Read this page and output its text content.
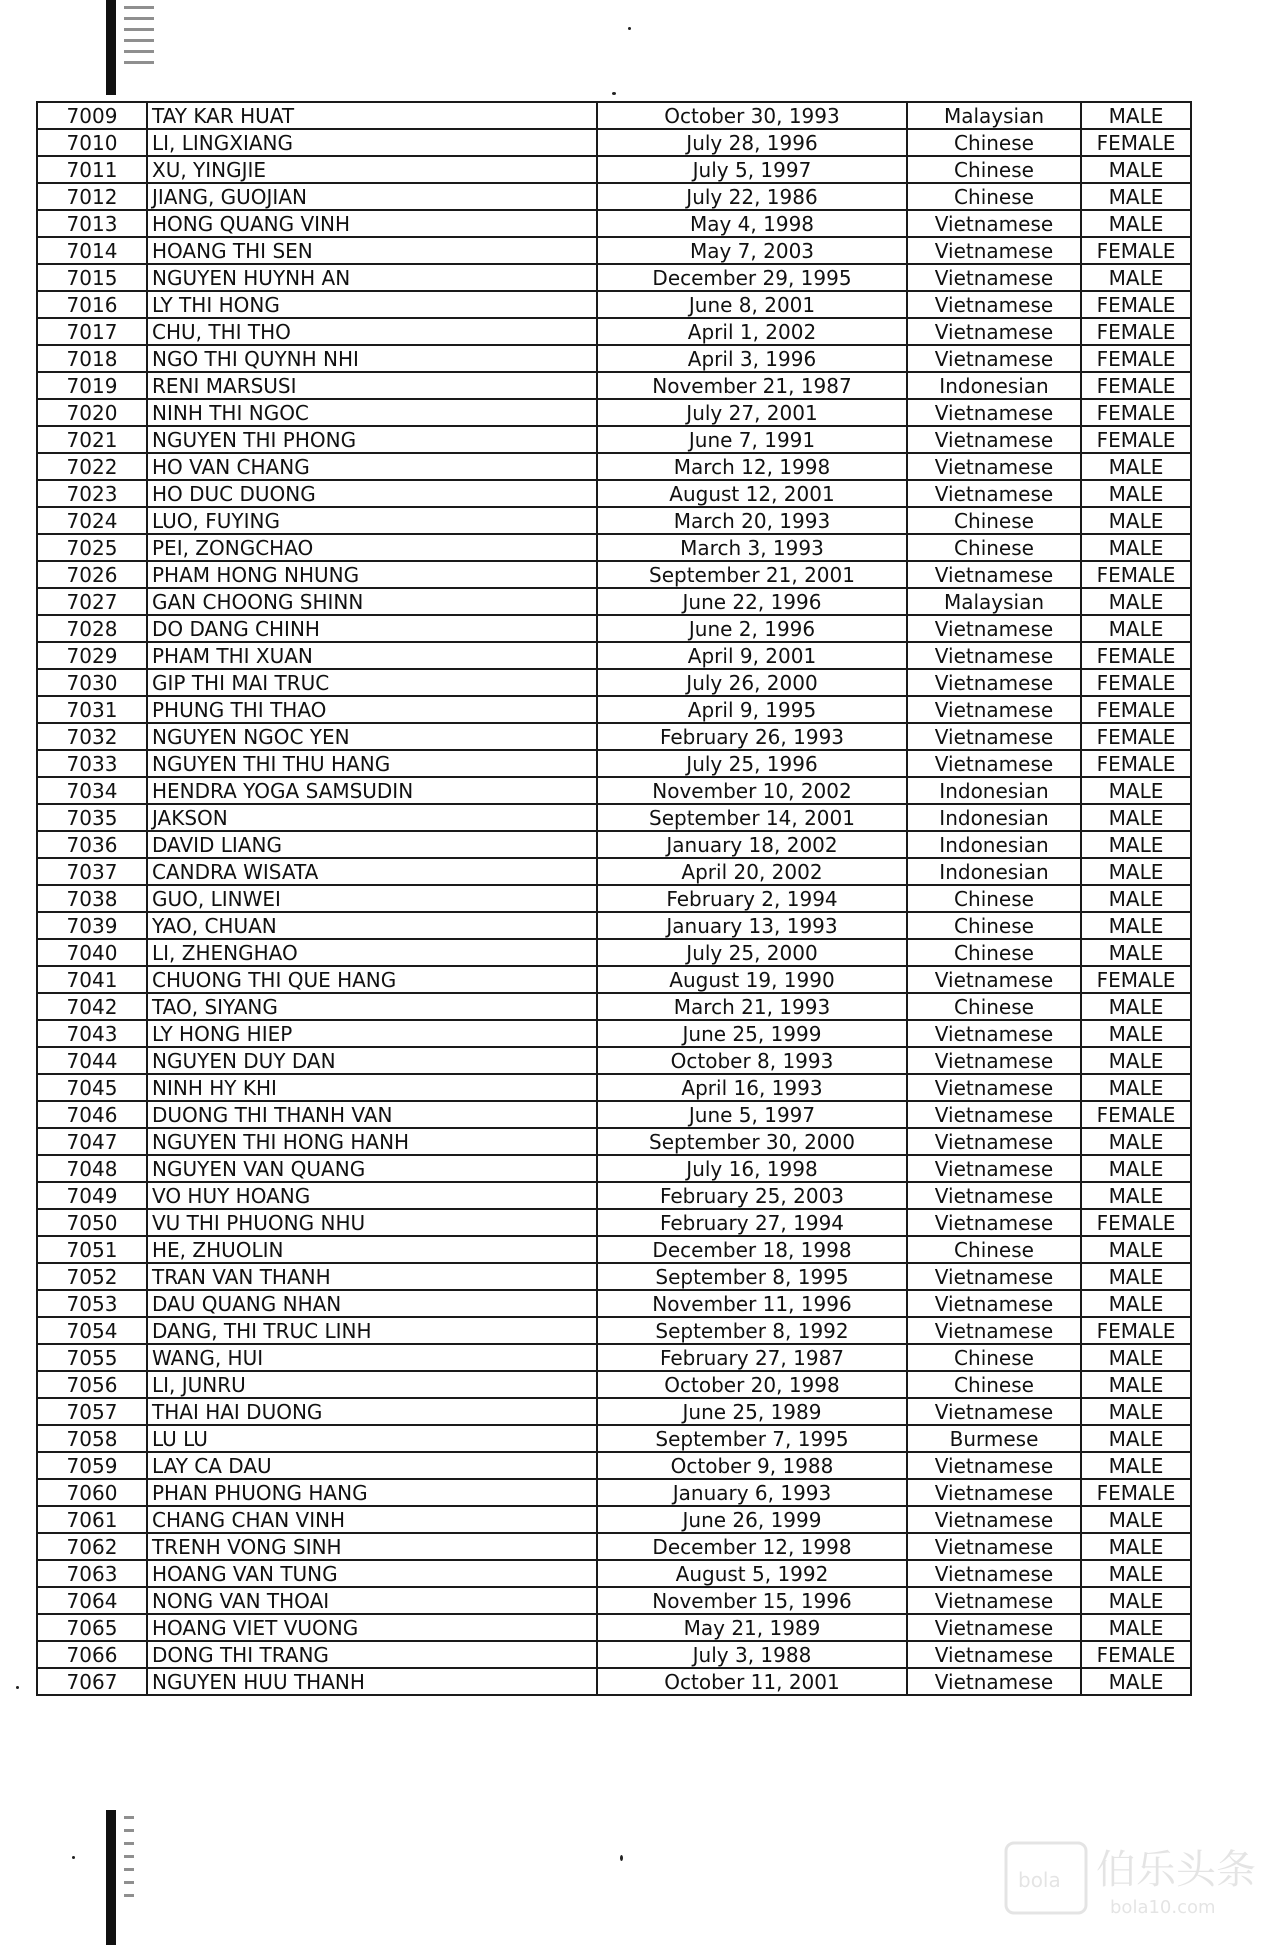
7009	TAY KAR HUAT	October 30, 1993	Malaysian	MALE
7010	LI, LINGXIANG	July 28, 1996	Chinese	FEMALE
7011	XU, YINGJIE	July 5, 1997	Chinese	MALE
7012	JIANG, GUOJIAN	July 22, 1986	Chinese	MALE
7013	HONG QUANG VINH	May 4, 1998	Vietnamese	MALE
7014	HOANG THI SEN	May 7, 2003	Vietnamese	FEMALE
7015	NGUYEN HUYNH AN	December 29, 1995	Vietnamese	MALE
7016	LY THI HONG	June 8, 2001	Vietnamese	FEMALE
7017	CHU, THI THO	April 1, 2002	Vietnamese	FEMALE
7018	NGO THI QUYNH NHI	April 3, 1996	Vietnamese	FEMALE
7019	RENI MARSUSI	November 21, 1987	Indonesian	FEMALE
7020	NINH THI NGOC	July 27, 2001	Vietnamese	FEMALE
7021	NGUYEN THI PHONG	June 7, 1991	Vietnamese	FEMALE
7022	HO VAN CHANG	March 12, 1998	Vietnamese	MALE
7023	HO DUC DUONG	August 12, 2001	Vietnamese	MALE
7024	LUO, FUYING	March 20, 1993	Chinese	MALE
7025	PEI, ZONGCHAO	March 3, 1993	Chinese	MALE
7026	PHAM HONG NHUNG	September 21, 2001	Vietnamese	FEMALE
7027	GAN CHOONG SHINN	June 22, 1996	Malaysian	MALE
7028	DO DANG CHINH	June 2, 1996	Vietnamese	MALE
7029	PHAM THI XUAN	April 9, 2001	Vietnamese	FEMALE
7030	GIP THI MAI TRUC	July 26, 2000	Vietnamese	FEMALE
7031	PHUNG THI THAO	April 9, 1995	Vietnamese	FEMALE
7032	NGUYEN NGOC YEN	February 26, 1993	Vietnamese	FEMALE
7033	NGUYEN THI THU HANG	July 25, 1996	Vietnamese	FEMALE
7034	HENDRA YOGA SAMSUDIN	November 10, 2002	Indonesian	MALE
7035	JAKSON	September 14, 2001	Indonesian	MALE
7036	DAVID LIANG	January 18, 2002	Indonesian	MALE
7037	CANDRA WISATA	April 20, 2002	Indonesian	MALE
7038	GUO, LINWEI	February 2, 1994	Chinese	MALE
7039	YAO, CHUAN	January 13, 1993	Chinese	MALE
7040	LI, ZHENGHAO	July 25, 2000	Chinese	MALE
7041	CHUONG THI QUE HANG	August 19, 1990	Vietnamese	FEMALE
7042	TAO, SIYANG	March 21, 1993	Chinese	MALE
7043	LY HONG HIEP	June 25, 1999	Vietnamese	MALE
7044	NGUYEN DUY DAN	October 8, 1993	Vietnamese	MALE
7045	NINH HY KHI	April 16, 1993	Vietnamese	MALE
7046	DUONG THI THANH VAN	June 5, 1997	Vietnamese	FEMALE
7047	NGUYEN THI HONG HANH	September 30, 2000	Vietnamese	MALE
7048	NGUYEN VAN QUANG	July 16, 1998	Vietnamese	MALE
7049	VO HUY HOANG	February 25, 2003	Vietnamese	MALE
7050	VU THI PHUONG NHU	February 27, 1994	Vietnamese	FEMALE
7051	HE, ZHUOLIN	December 18, 1998	Chinese	MALE
7052	TRAN VAN THANH	September 8, 1995	Vietnamese	MALE
7053	DAU QUANG NHAN	November 11, 1996	Vietnamese	MALE
7054	DANG, THI TRUC LINH	September 8, 1992	Vietnamese	FEMALE
7055	WANG, HUI	February 27, 1987	Chinese	MALE
7056	LI, JUNRU	October 20, 1998	Chinese	MALE
7057	THAI HAI DUONG	June 25, 1989	Vietnamese	MALE
7058	LU LU	September 7, 1995	Burmese	MALE
7059	LAY CA DAU	October 9, 1988	Vietnamese	MALE
7060	PHAN PHUONG HANG	January 6, 1993	Vietnamese	FEMALE
7061	CHANG CHAN VINH	June 26, 1999	Vietnamese	MALE
7062	TRENH VONG SINH	December 12, 1998	Vietnamese	MALE
7063	HOANG VAN TUNG	August 5, 1992	Vietnamese	MALE
7064	NONG VAN THOAI	November 15, 1996	Vietnamese	MALE
7065	HOANG VIET VUONG	May 21, 1989	Vietnamese	MALE
7066	DONG THI TRANG	July 3, 1988	Vietnamese	FEMALE
7067	NGUYEN HUU THANH	October 11, 2001	Vietnamese	MALE
bola 伯乐头条
bola10.com
